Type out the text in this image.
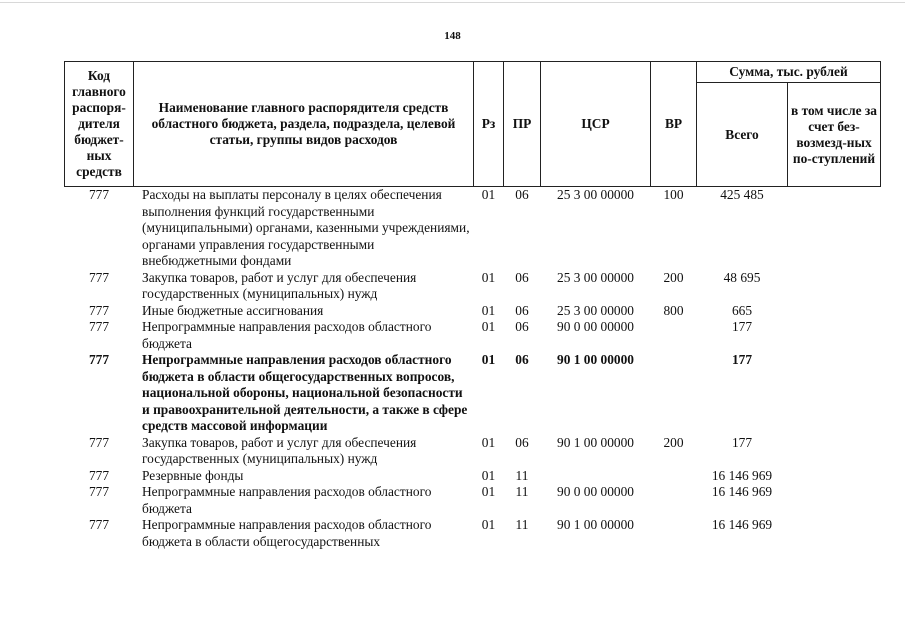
148
Код главного распоря-дителя бюджет-ных средств	Наименование главного распорядителя средств областного бюджета, раздела, подраздела, целевой статьи, группы видов расходов	Рз	ПР	ЦСР	ВР	Сумма, тыс. рублей	
						Всего	в том числе за счет без-возмезд-ных по-ступлений
777	Расходы на выплаты персоналу в целях обеспечения выполнения функций государственными (муниципальными) органами, казенными учреждениями, органами управления государственными внебюджетными фондами	01	06	25 3 00 00000	100	425 485	
777	Закупка товаров, работ и услуг для обеспечения государственных (муниципальных) нужд	01	06	25 3 00 00000	200	48 695	
777	Иные бюджетные ассигнования	01	06	25 3 00 00000	800	665	
777	Непрограммные направления расходов областного бюджета	01	06	90 0 00 00000		177	
777	Непрограммные направления расходов областного бюджета в области общегосударственных вопросов, национальной обороны, национальной безопасности и правоохранительной деятельности, а также в сфере средств массовой информации	01	06	90 1 00 00000		177	
777	Закупка товаров, работ и услуг для обеспечения государственных (муниципальных) нужд	01	06	90 1 00 00000	200	177	
777	Резервные фонды	01	11			16 146 969	
777	Непрограммные направления расходов областного бюджета	01	11	90 0 00 00000		16 146 969	
777	Непрограммные направления расходов областного бюджета в области общегосударственных	01	11	90 1 00 00000		16 146 969	
